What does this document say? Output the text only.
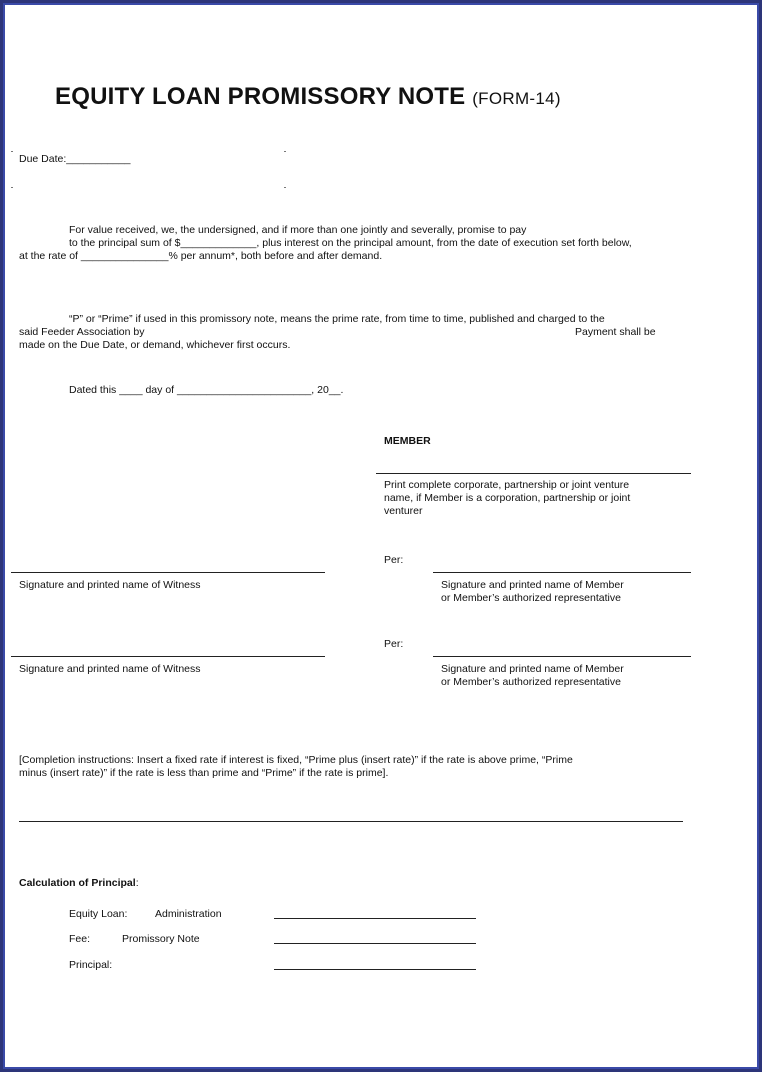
EQUITY LOAN PROMISSORY NOTE (FORM-14)
Due Date:___________
For value received, we, the undersigned, and if more than one jointly and severally, promise to pay
to the principal sum of $_____________, plus interest on the principal amount, from the date of execution set forth below,
at the rate of _______________% per annum*, both before and after demand.
“P” or “Prime” if used in this promissory note, means the prime rate, from time to time, published and charged to the
said Feeder Association by	Payment shall be
made on the Due Date, or demand, whichever first occurs.
Dated this ____ day of _______________________, 20__.
MEMBER
Print complete corporate, partnership or joint venture
name, if Member is a corporation, partnership or joint
venturer
Per:
Signature and printed name of Witness	Signature and printed name of Member
or Member’s authorized representative
Per:
Signature and printed name of Witness	Signature and printed name of Member
or Member’s authorized representative
[Completion instructions: Insert a fixed rate if interest is fixed, “Prime plus (insert rate)” if the rate is above prime, “Prime
minus (insert rate)” if the rate is less than prime and “Prime” if the rate is prime].
Calculation of Principal:
Equity Loan:	Administration
Fee:	Promissory Note
Principal:
